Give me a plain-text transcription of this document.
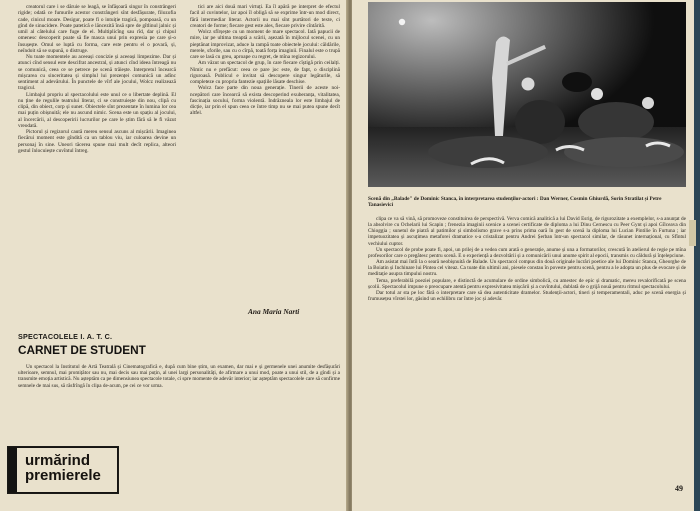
creatorul care i se dăruie se leagă, se înfășoară singur în constrângeri rigide; odată ce fumurile acestor constrângeri sînt desfășurate, filozofia cade, cinicul moare. Desigur, poate fi o intuiție tragică, pompoasă, cu un gînd de sinucidere. Poate patetică e lăncezită însă spre de gîtlinul jalnic și umil al câtelului care fuge de el. Multiplicîng sau rîd, dar și chipul omenesc descoperit poate să fie masca unui prin expresia pe care și-o însușește. Omul se luptă cu forma, care este pentru el o povară, și, neîndoit să se supună, o distruge.

Nu toate momentele au aceeași concizie și aceeași limpezime. Dar și atunci cînd sensul este descifrat ancestral, și atunci cînd ideea întreagă nu se comunică, ceea ce se petrece pe scenă trăiește. Interpretul încearcă mișcarea cu sinceritatea și simplul lui prezenței comunică un adînc sentiment al adevărului. În punctele de vîrf ale jocului, Wolcz realizează tragicul.

Limbajul propriu al spectacolului este unul ce o libertate deplină. El nu ține de regulile teatrului literar, ci se construiește din nou, clipă cu clipă, din obiect, corp și sunet. Obiectele sînt prezentate în lumina lor cea mai puțin obișnuită; ele nu ascund nimic. Scena este un spațiu al jocului, al încercării, al descoperirii lucrurilor pe care le știm fără să le fi văzut vreodată.

Pictorul și regizorul caută mereu sensul ascuns al mișcării. Imaginea fiecărui moment este gîndită ca un tablou viu, iar culoarea devine un personaj în sine. Uneori tăcerea spune mai mult decît replica, alteori gestul înlocuiește cuvîntul întreg.

tici are aici două mari virtuți. Ea îl apără pe interpret de efectul facil al cuvintelor, iar apoi îl obligă să se exprime într-un mod direct, fără intermediar literar. Actorii nu mai sînt purtători de texte, ci creatori de forme; fiecare gest este ales, fiecare privire cîntărită.

Wolcz sfîrșește cu un moment de mare spectacol. Iată papucii de mire, iar pe ultima treaptă a scării, așezată în mijlocul scenei, cu un pieptănat improvizat, aduce la rampă toate obiectele jocului: căldările, merele, sforile, sau cu o cîrpă, toată forța imaginii. Finalul este o trupă care se lasă cu greu, aproape cu regret, de mîna regizorului.

Am văzut un spectacol de grup, în care fiecare cîștigă prin ceilalți. Nimic nu e prefăcut: ceea ce pare joc este, de fapt, o disciplină riguroasă. Publicul e invitat să descopere singur legăturile, să completeze cu propria fantezie spațiile lăsate deschise.

Wolcz face parte din noua generație. Tinerii de aceste noi-ncepători care încearcă să exista descoperind exuberanța, vitalitatea, fascinația socului, forma violentă. Indrăzneala lor este limbajul de dicție, iar prin el spun ceea ce între timp nu se mai putea spune decît altfel.

Ana Maria Narti
SPECTACOLELE I. A. T. C.
CARNET DE STUDENT

Un spectacol la Institutul de Artă Teatrală și Cinematografică e, după cum bine știm, un examen, dar mai e și germenele unei anumite desfășurări ulterioare, semnul, mai promițător sau nu, mai decis sau mai puțin, al unei largi personalități, de afirmare a unui mod, poate a unui stil, de a gîndi și a transmite emoția artistică. Nu așteptăm ca pe dimensiunea spectacole totale, ci spre momente de adevăr interior; iar așteptăm spectacolele care să confirme semnele de mai sus, să răsfrîngă în clipa de-acum, pe cei ce vor urma.

urmărind
premierele
Scenă din „Balade" de Dominic Stanca, în interpretarea studenților-actori : Dan Werner, Cosmin Ghiurdă, Sorin Stratilat și Petre Tanasievici

clipa ce va să vină, să promoveze constituirea de perspectivă. Verva comică analitică a lui David Esrig, de rigurozitate a exemplelor, s-a anunțat de la absolvire cu Ochelarii lui Scapin ; frenezia imaginii scenice a scenei certificate de diploma a lui Dinu Cernescu cu Peer Gynt și apoi Gîlceava din Chioggia ; sunetul de piatră al patimilor și simbolismo grave s-a prins prima oară în gest de scenă la diploma lui Lucian Pintilie în Furtuna ; iar impetuozitatea și ascuțimea metaforei dramatice s-a cristalizat pentru Andrei Șerban într-un spectacol similar, de răsunet internațional, cu Sfîntul vechiului cuptor.

Un spectacol de probe poate fi, apoi, un prilej de a vedea cum arată o generație, anume și una a formatorilor, crescută în atelierul de regie pe mîna profesorilor care o pregătesc pentru scenă. E o experiență a dezvoltării și a comunicării unui anume spirit al epocii, transmis cu căldură și înțelepciune.

Am asistat mai întîi la o seară neobișnuită de Balade. Un spectacol compus din două originale lucrări poetice ale lui Dominic Stanca, Gheorghe de la Boiatin și Inchinare lui Pintea cel viteaz. Ca toate din ultimii ani, piesele constau în poveste pentru scenă, pentru a le adopta un plus de evocare și de meditație asupra timpului nostru.

Tema, preferabilă poeziei populare, e distinctă de acumulare de ordine simbolică, cu amestec de epic și dramatic, mereu revalorificată pe scena școlii. Spectacolul impune o preocupare atentă pentru expresivitatea mișcării și a cuvîntului, dublată de o grijă nouă pentru ritmul spectacolului.

Dar totul ar sta pe loc fără o interpretare care să dea autenticitate dramelor. Studenții-actori, tineri și temperamentali, aduc pe scenă energia și frumusețea vîrstei lor, găsind un echilibru rar între joc și adevăr.

49
